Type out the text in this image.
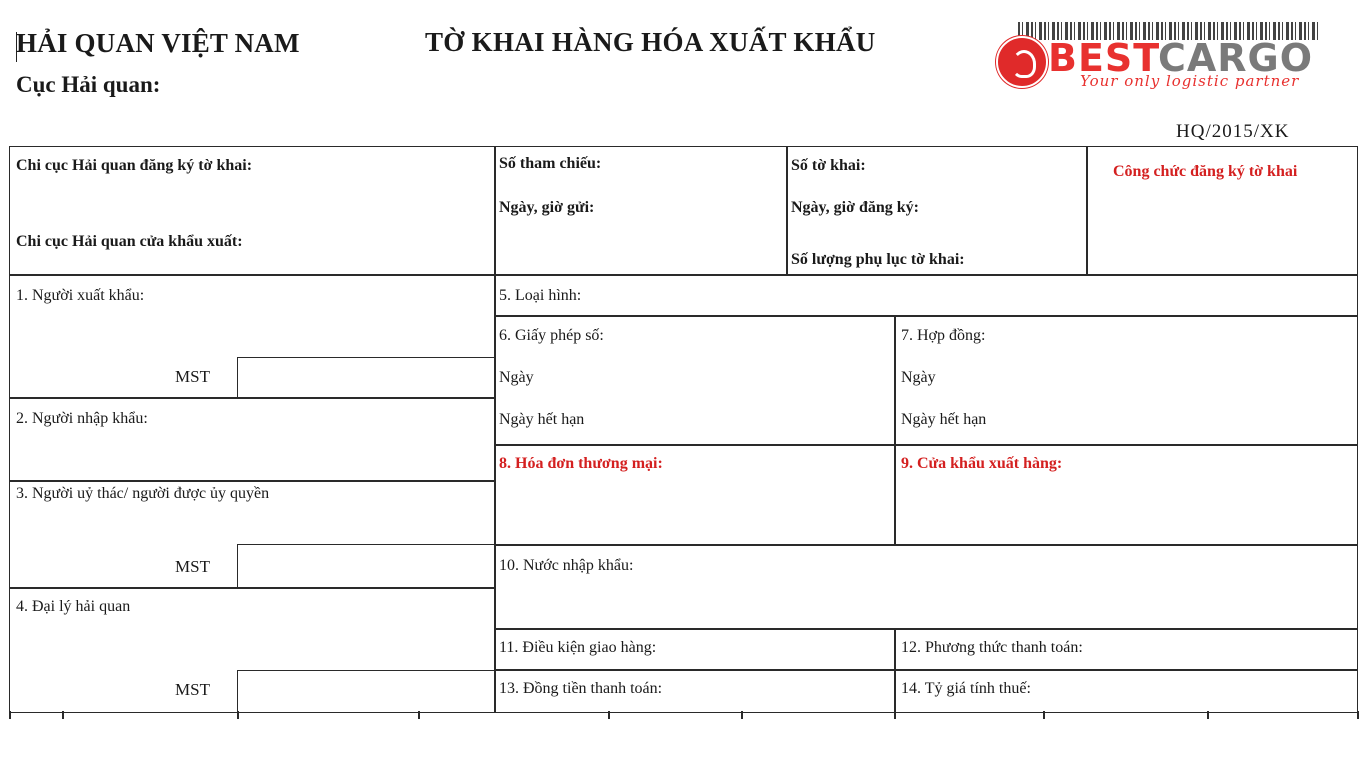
HẢI QUAN VIỆT NAM
Cục Hải quan:
TỜ KHAI HÀNG HÓA XUẤT KHẨU
HQ/2015/XK
BEST
CARGO
Your only logistic partner
Chi cục Hải quan đăng ký tờ khai:
Chi cục Hải quan cửa khẩu xuất:
Số tham chiếu:
Ngày, giờ gửi:
Số tờ khai:
Ngày, giờ đăng ký:
Số lượng phụ lục tờ khai:
Công chức đăng ký tờ khai
1. Người xuất khẩu:
MST
2. Người nhập khẩu:
3. Người uỷ thác/ người được ủy quyền
MST
4. Đại lý hải quan
MST
5. Loại hình:
6. Giấy phép số:
Ngày
Ngày hết hạn
7. Hợp đồng:
Ngày
Ngày hết hạn
8. Hóa đơn thương mại:	9. Cửa khẩu xuất hàng:
10. Nước nhập khẩu:
11. Điều kiện giao hàng:	12. Phương thức thanh toán:
13. Đồng tiền thanh toán:	14. Tỷ giá tính thuế:
